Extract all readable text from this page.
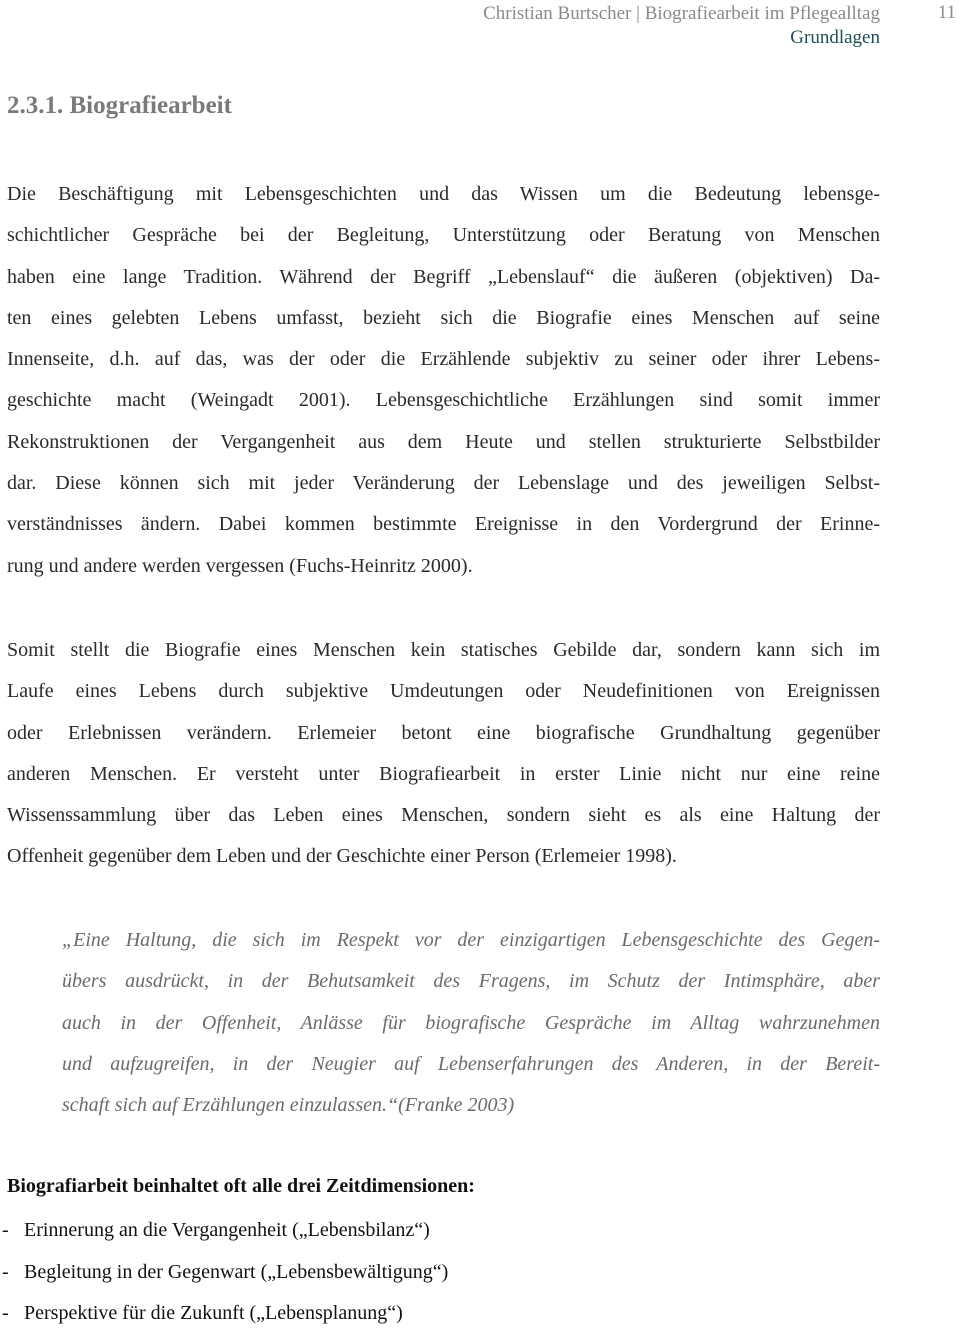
Christian Burtscher | Biografiearbeit im Pflegealltag
Grundlagen
11
2.3.1. Biografiearbeit
Die Beschäftigung mit Lebensgeschichten und das Wissen um die Bedeutung lebensge-
schichtlicher Gespräche bei der Begleitung, Unterstützung oder Beratung von Menschen
haben eine lange Tradition. Während der Begriff „Lebenslauf“ die äußeren (objektiven) Da-
ten eines gelebten Lebens umfasst, bezieht sich die Biografie eines Menschen auf seine
Innenseite, d.h. auf das, was der oder die Erzählende subjektiv zu seiner oder ihrer Lebens-
geschichte macht (Weingadt 2001). Lebensgeschichtliche Erzählungen sind somit immer
Rekonstruktionen der Vergangenheit aus dem Heute und stellen strukturierte Selbstbilder
dar. Diese können sich mit jeder Veränderung der Lebenslage und des jeweiligen Selbst-
verständnisses ändern. Dabei kommen bestimmte Ereignisse in den Vordergrund der Erinne-
rung und andere werden vergessen (Fuchs-Heinritz 2000).
Somit stellt die Biografie eines Menschen kein statisches Gebilde dar, sondern kann sich im
Laufe eines Lebens durch subjektive Umdeutungen oder Neudefinitionen von Ereignissen
oder Erlebnissen verändern. Erlemeier betont eine biografische Grundhaltung gegenüber
anderen Menschen. Er versteht unter Biografiearbeit in erster Linie nicht nur eine reine
Wissenssammlung über das Leben eines Menschen, sondern sieht es als eine Haltung der
Offenheit gegenüber dem Leben und der Geschichte einer Person (Erlemeier 1998).
„Eine Haltung, die sich im Respekt vor der einzigartigen Lebensgeschichte des Gegen-
übers ausdrückt, in der Behutsamkeit des Fragens, im Schutz der Intimsphäre, aber
auch in der Offenheit, Anlässe für biografische Gespräche im Alltag wahrzunehmen
und aufzugreifen, in der Neugier auf Lebenserfahrungen des Anderen, in der Bereit-
schaft sich auf Erzählungen einzulassen.“(Franke 2003)
Biografiarbeit beinhaltet oft alle drei Zeitdimensionen:
- Erinnerung an die Vergangenheit („Lebensbilanz“)
- Begleitung in der Gegenwart („Lebensbewältigung“)
- Perspektive für die Zukunft („Lebensplanung“)
